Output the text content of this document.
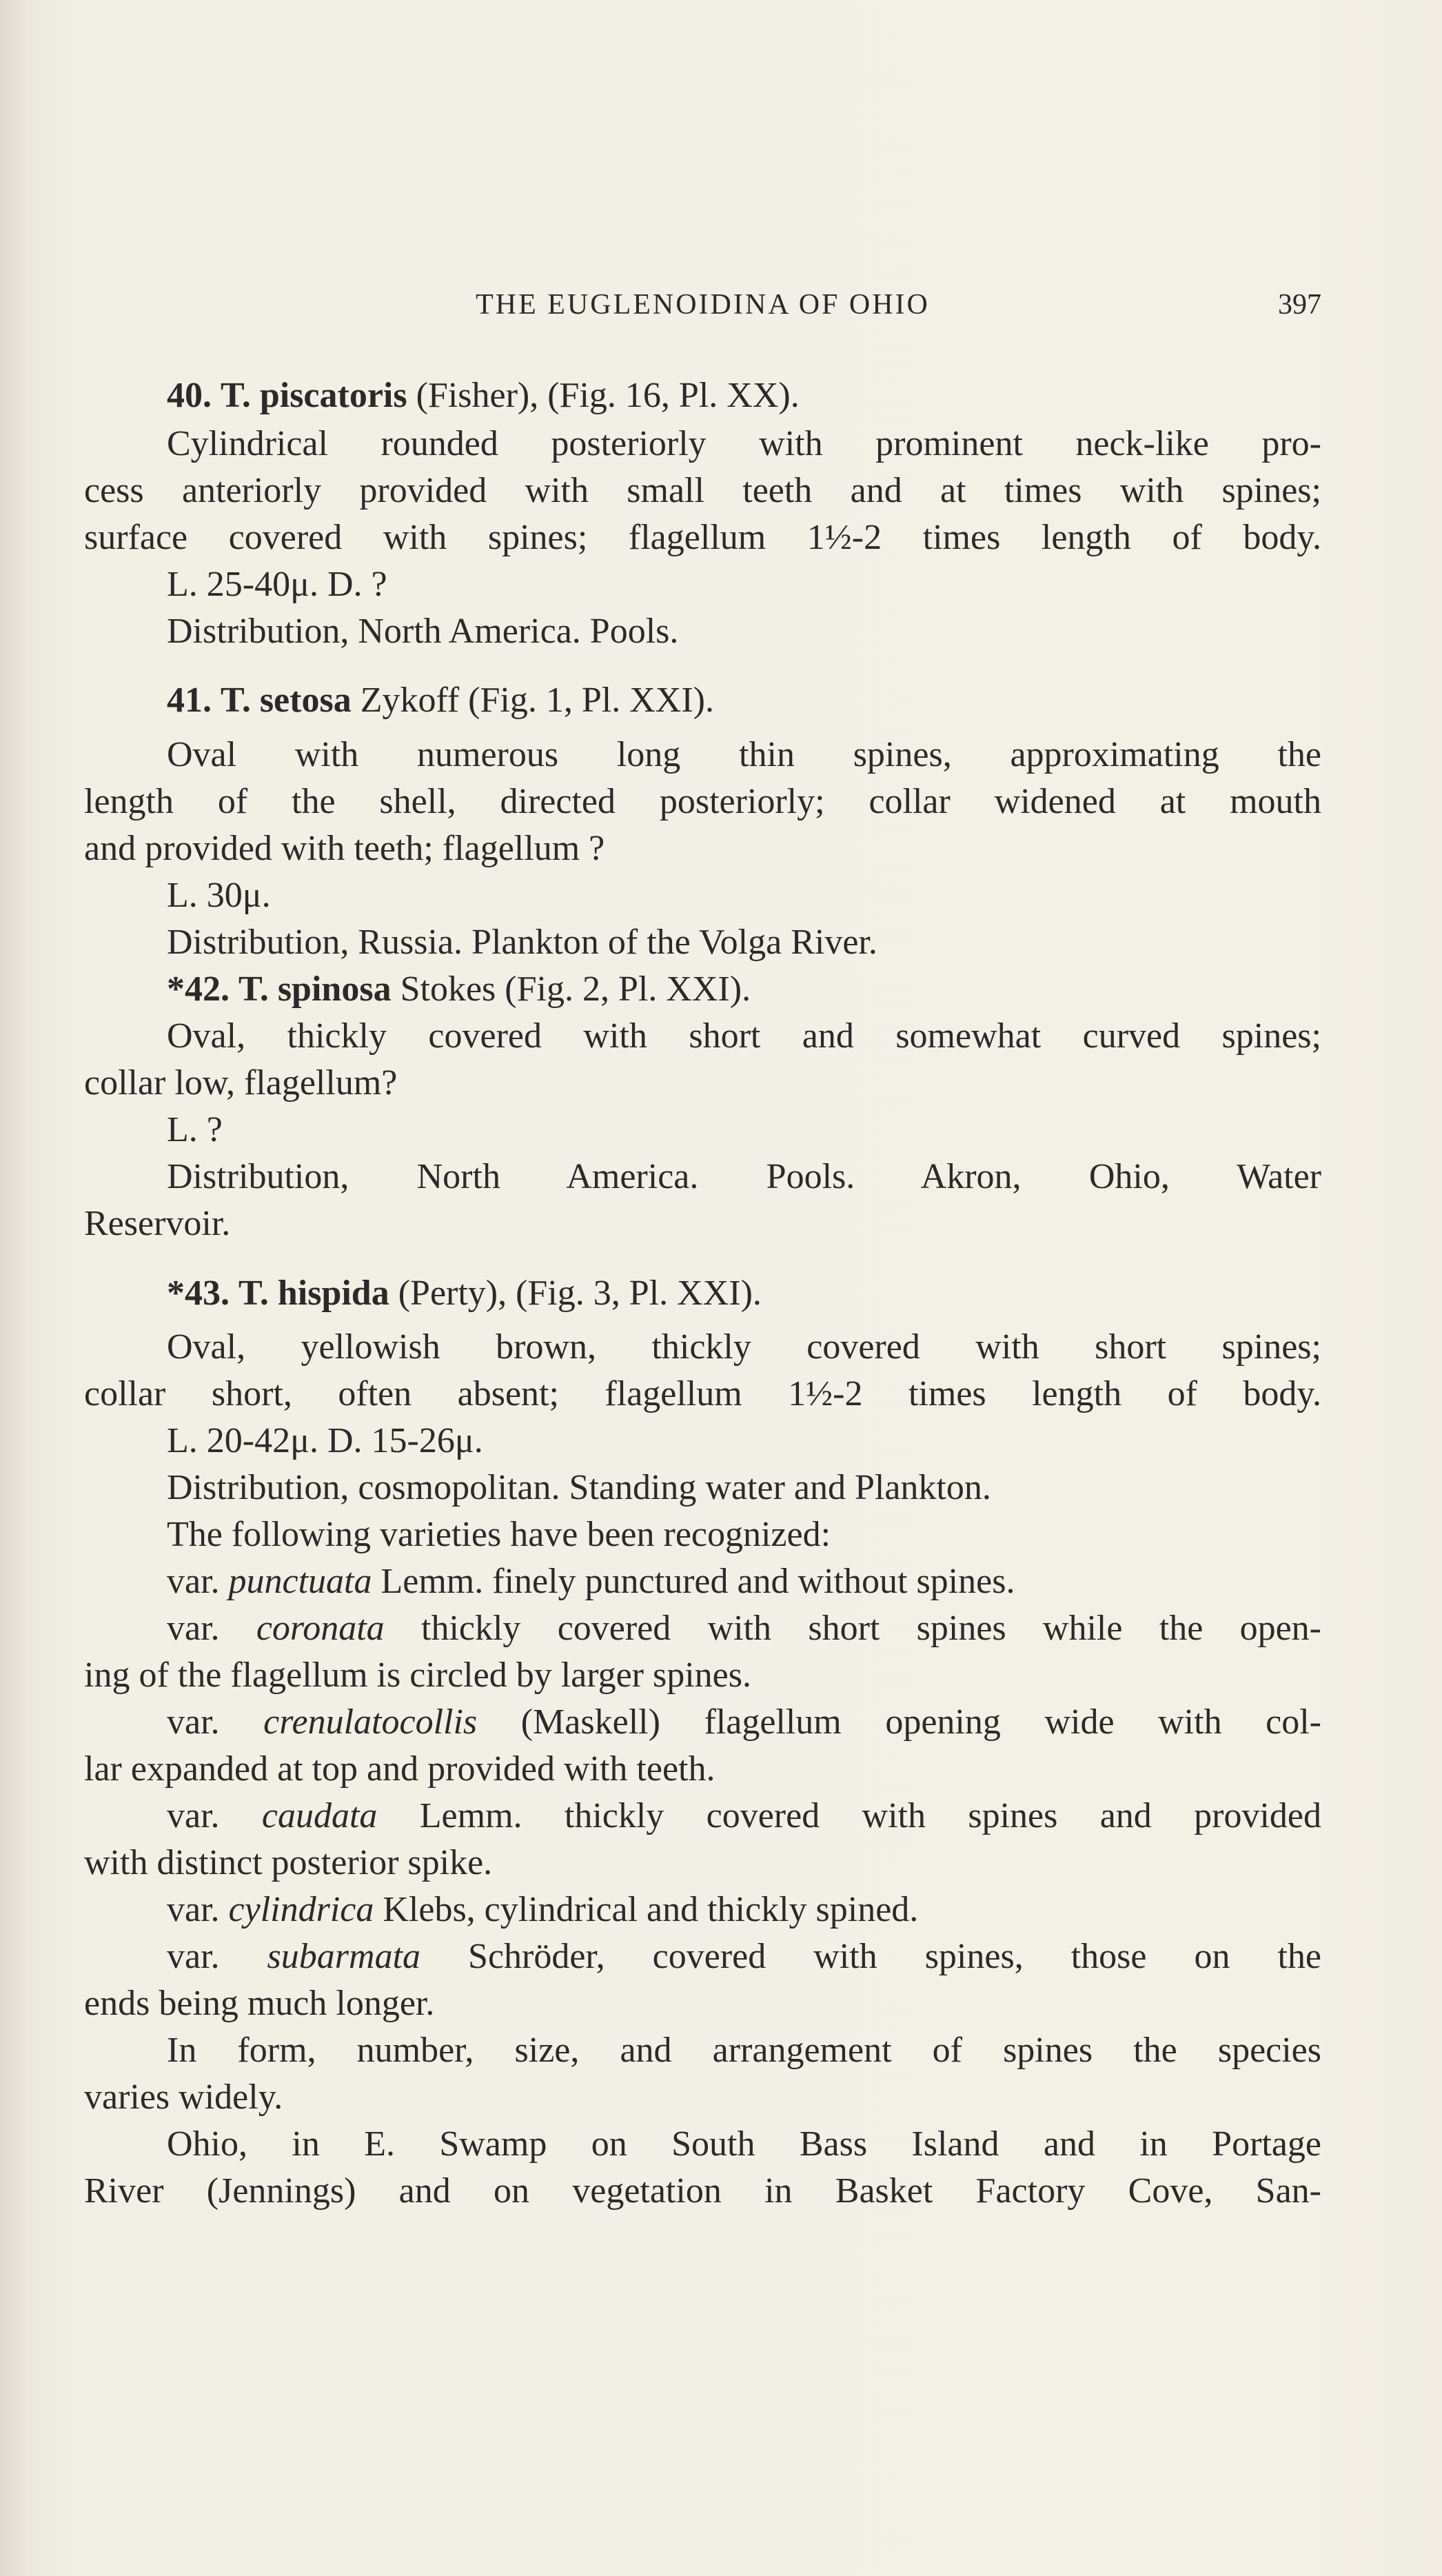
THE EUGLENOIDINA OF OHIO	397
40. T. piscatoris (Fisher), (Fig. 16, Pl. XX).
Cylindrical rounded posteriorly with prominent neck-like pro-
cess anteriorly provided with small teeth and at times with spines;
surface covered with spines; flagellum 1½-2 times length of body.
L. 25-40μ. D. ?
Distribution, North America. Pools.
41. T. setosa Zykoff (Fig. 1, Pl. XXI).
Oval with numerous long thin spines, approximating the
length of the shell, directed posteriorly; collar widened at mouth
and provided with teeth; flagellum ?
L. 30μ.
Distribution, Russia. Plankton of the Volga River.
*42. T. spinosa Stokes (Fig. 2, Pl. XXI).
Oval, thickly covered with short and somewhat curved spines;
collar low, flagellum?
L. ?
Distribution, North America. Pools. Akron, Ohio, Water
Reservoir.
*43. T. hispida (Perty), (Fig. 3, Pl. XXI).
Oval, yellowish brown, thickly covered with short spines;
collar short, often absent; flagellum 1½-2 times length of body.
L. 20-42μ. D. 15-26μ.
Distribution, cosmopolitan. Standing water and Plankton.
The following varieties have been recognized:
var. punctuata Lemm. finely punctured and without spines.
var. coronata thickly covered with short spines while the open-
ing of the flagellum is circled by larger spines.
var. crenulatocollis (Maskell) flagellum opening wide with col-
lar expanded at top and provided with teeth.
var. caudata Lemm. thickly covered with spines and provided
with distinct posterior spike.
var. cylindrica Klebs, cylindrical and thickly spined.
var. subarmata Schröder, covered with spines, those on the
ends being much longer.
In form, number, size, and arrangement of spines the species
varies widely.
Ohio, in E. Swamp on South Bass Island and in Portage
River (Jennings) and on vegetation in Basket Factory Cove, San-
